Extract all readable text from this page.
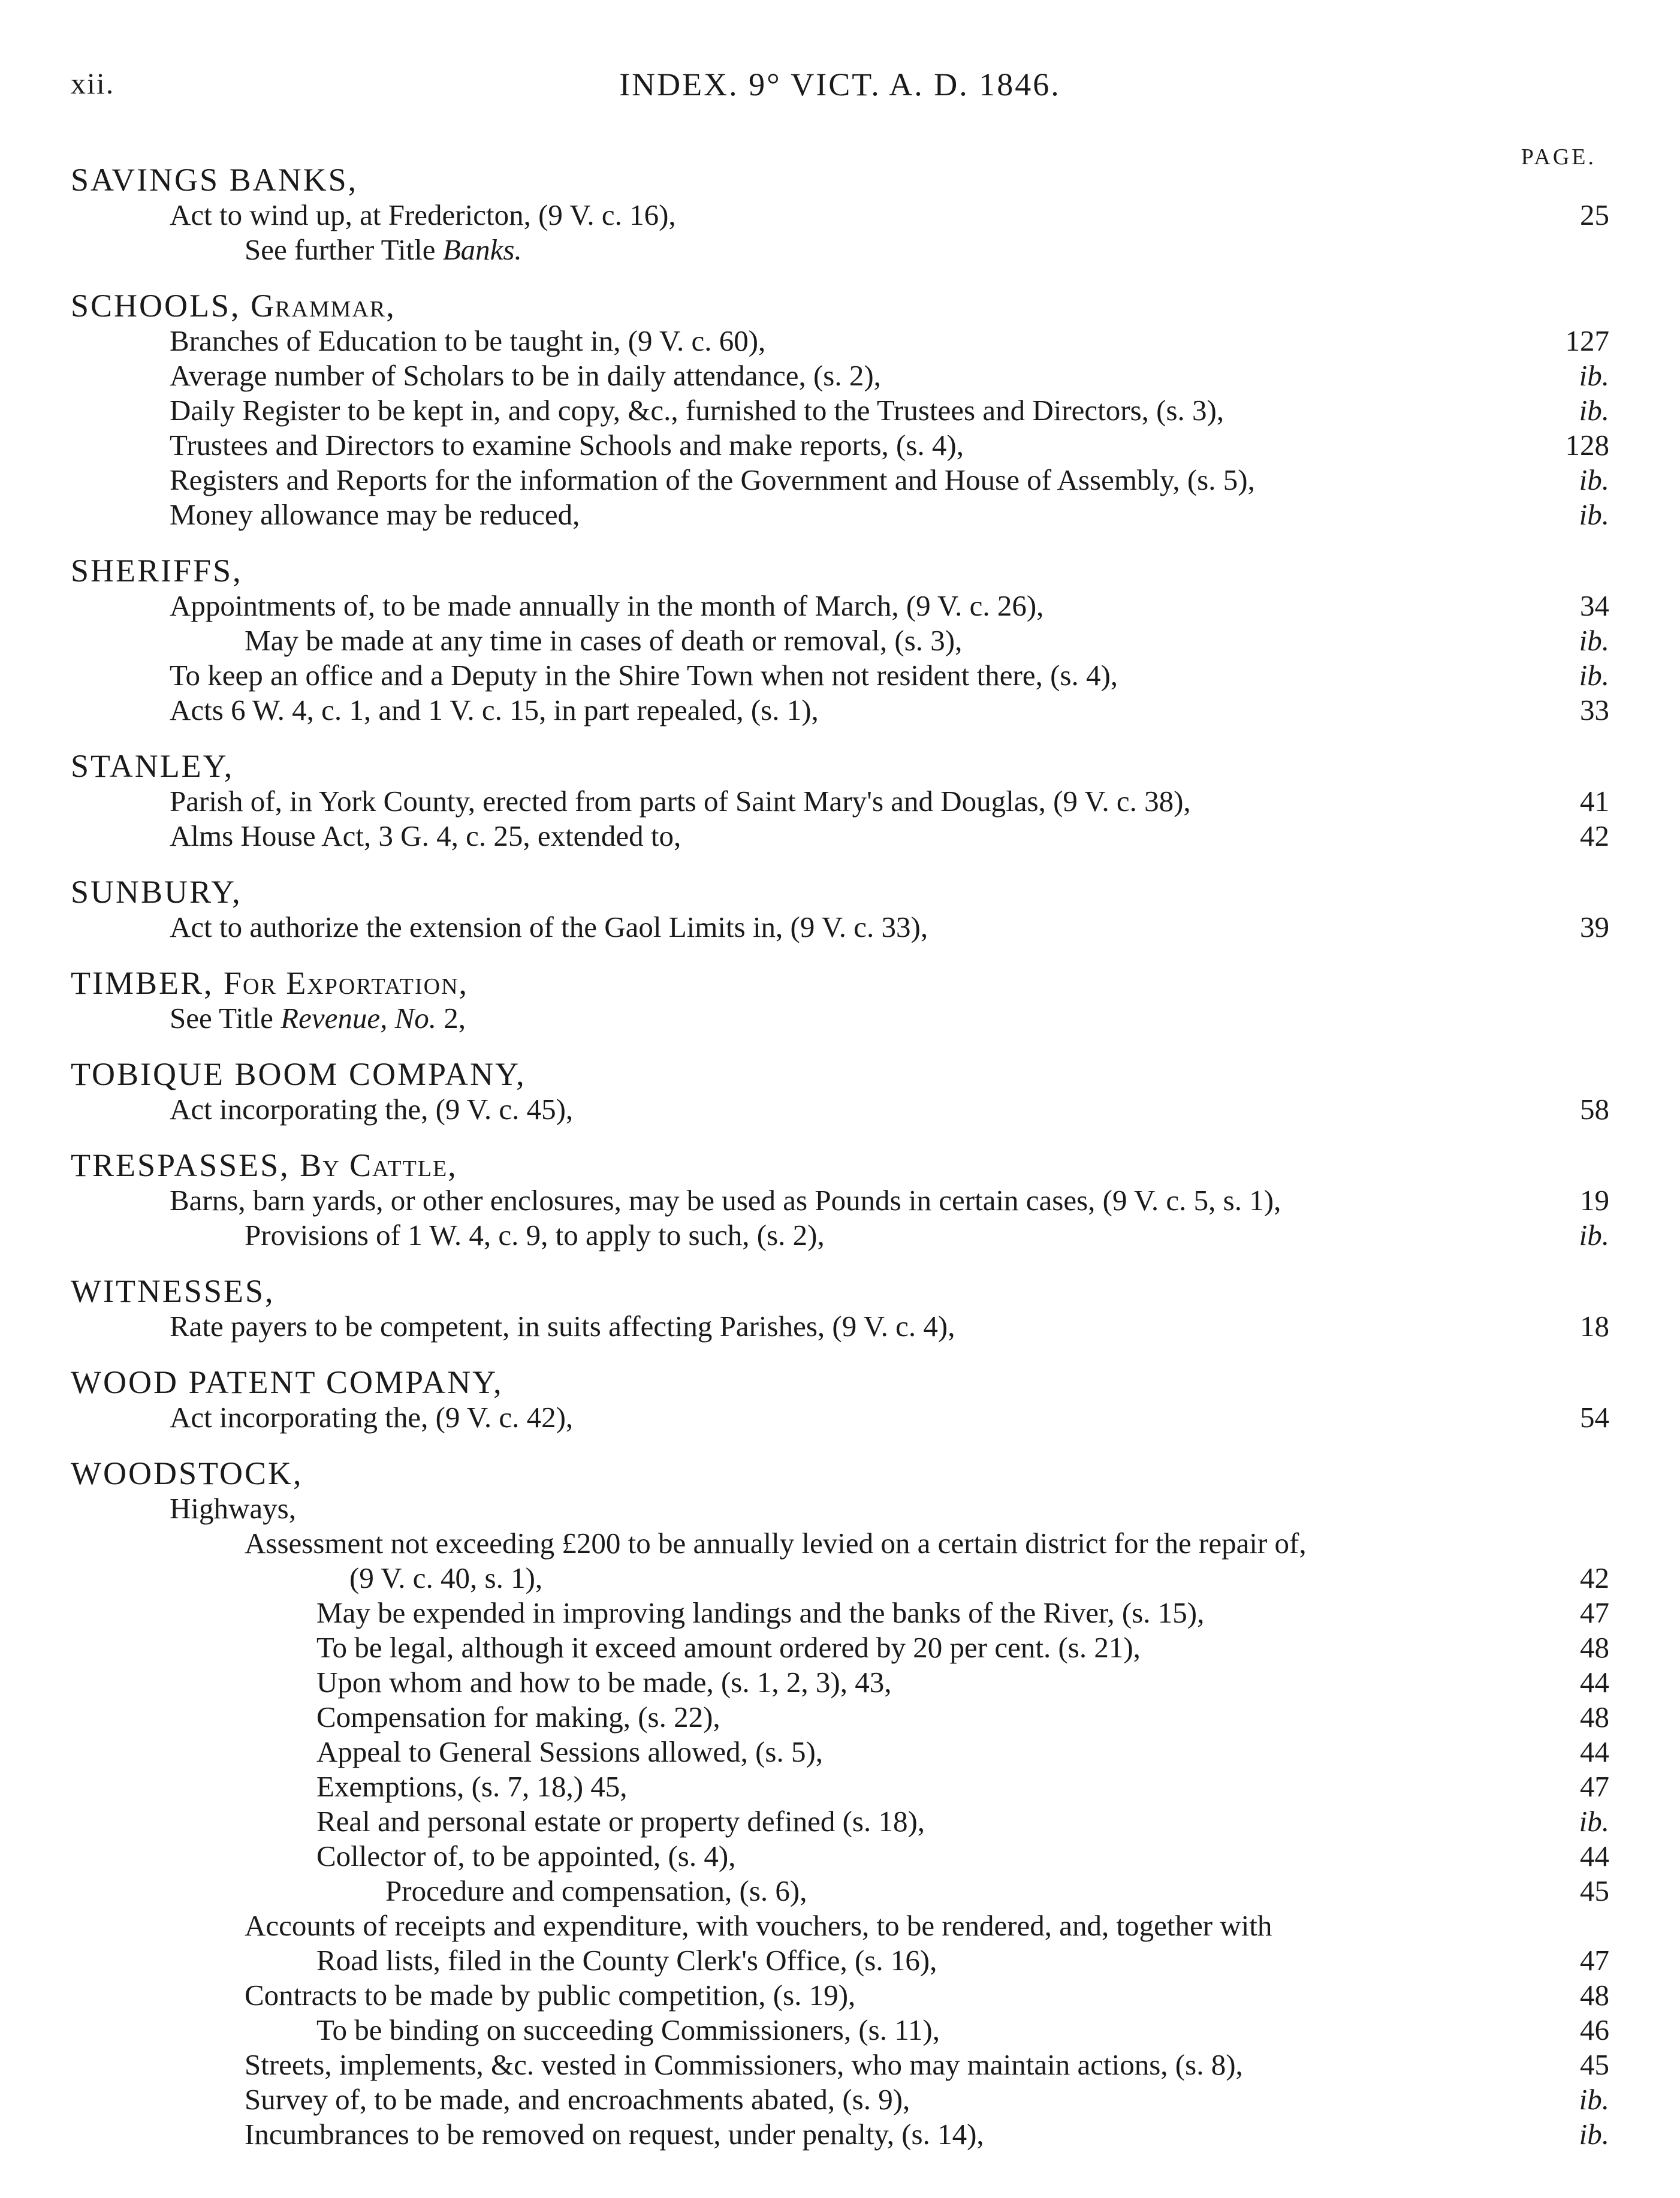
xii.	INDEX. 9° VICT. A. D. 1846.
PAGE.
SAVINGS BANKS,
Act to wind up, at Fredericton, (9 V. c. 16),	25
See further Title Banks.
SCHOOLS, Grammar,
Branches of Education to be taught in, (9 V. c. 60),	127
Average number of Scholars to be in daily attendance, (s. 2),	ib.
Daily Register to be kept in, and copy, &c., furnished to the Trustees and Directors, (s. 3),	ib.
Trustees and Directors to examine Schools and make reports, (s. 4),	128
Registers and Reports for the information of the Government and House of Assembly, (s. 5),	ib.
Money allowance may be reduced,	ib.
SHERIFFS,
Appointments of, to be made annually in the month of March, (9 V. c. 26),	34
May be made at any time in cases of death or removal, (s. 3),	ib.
To keep an office and a Deputy in the Shire Town when not resident there, (s. 4),	ib.
Acts 6 W. 4, c. 1, and 1 V. c. 15, in part repealed, (s. 1),	33
STANLEY,
Parish of, in York County, erected from parts of Saint Mary's and Douglas, (9 V. c. 38),	41
Alms House Act, 3 G. 4, c. 25, extended to,	42
SUNBURY,
Act to authorize the extension of the Gaol Limits in, (9 V. c. 33),	39
TIMBER, For Exportation,
See Title Revenue, No. 2,
TOBIQUE BOOM COMPANY,
Act incorporating the, (9 V. c. 45),	58
TRESPASSES, By Cattle,
Barns, barn yards, or other enclosures, may be used as Pounds in certain cases, (9 V. c. 5, s. 1),	19
Provisions of 1 W. 4, c. 9, to apply to such, (s. 2),	ib.
WITNESSES,
Rate payers to be competent, in suits affecting Parishes, (9 V. c. 4),	18
WOOD PATENT COMPANY,
Act incorporating the, (9 V. c. 42),	54
WOODSTOCK,
Highways,
Assessment not exceeding £200 to be annually levied on a certain district for the repair of,
(9 V. c. 40, s. 1),	42
May be expended in improving landings and the banks of the River, (s. 15),	47
To be legal, although it exceed amount ordered by 20 per cent. (s. 21),	48
Upon whom and how to be made, (s. 1, 2, 3), 43,	44
Compensation for making, (s. 22),	48
Appeal to General Sessions allowed, (s. 5),	44
Exemptions, (s. 7, 18,) 45,	47
Real and personal estate or property defined (s. 18),	ib.
Collector of, to be appointed, (s. 4),	44
Procedure and compensation, (s. 6),	45
Accounts of receipts and expenditure, with vouchers, to be rendered, and, together with
Road lists, filed in the County Clerk's Office, (s. 16),	47
Contracts to be made by public competition, (s. 19),	48
To be binding on succeeding Commissioners, (s. 11),	46
Streets, implements, &c. vested in Commissioners, who may maintain actions, (s. 8),	45
Survey of, to be made, and encroachments abated, (s. 9),	ib.
Incumbrances to be removed on request, under penalty, (s. 14),	ib.
